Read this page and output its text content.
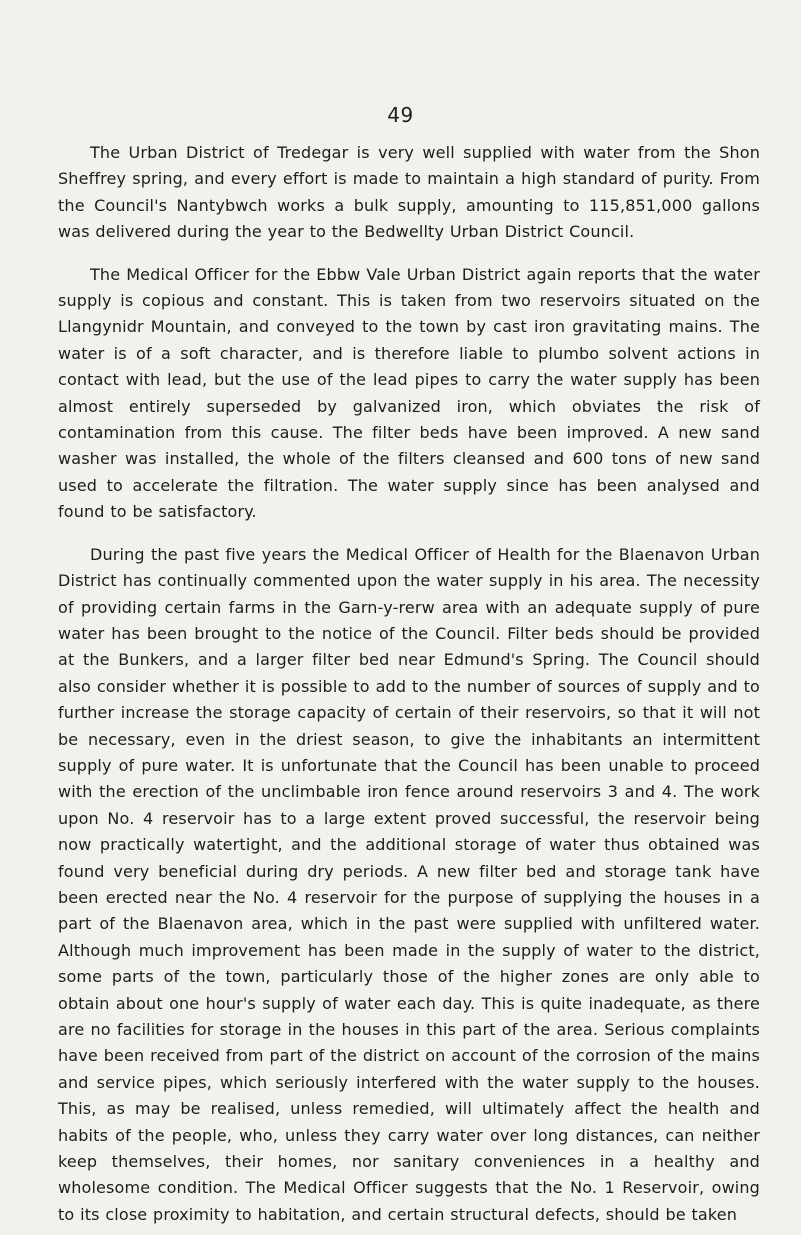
49

The Urban District of Tredegar is very well supplied with water from the Shon Sheffrey spring, and every effort is made to maintain a high standard of purity. From the Council's Nantybwch works a bulk supply, amounting to 115,851,000 gallons was delivered during the year to the Bedwellty Urban District Council.

The Medical Officer for the Ebbw Vale Urban District again reports that the water supply is copious and constant. This is taken from two reservoirs situated on the Llangynidr Mountain, and conveyed to the town by cast iron gravitating mains. The water is of a soft character, and is therefore liable to plumbo solvent actions in contact with lead, but the use of the lead pipes to carry the water supply has been almost entirely superseded by galvanized iron, which obviates the risk of contamination from this cause. The filter beds have been improved. A new sand washer was installed, the whole of the filters cleansed and 600 tons of new sand used to accelerate the filtration. The water supply since has been analysed and found to be satisfactory.

During the past five years the Medical Officer of Health for the Blaenavon Urban District has continually commented upon the water supply in his area. The necessity of providing certain farms in the Garn-y-rerw area with an adequate supply of pure water has been brought to the notice of the Council. Filter beds should be provided at the Bunkers, and a larger filter bed near Edmund's Spring. The Council should also consider whether it is possible to add to the number of sources of supply and to further increase the storage capacity of certain of their reservoirs, so that it will not be necessary, even in the driest season, to give the inhabitants an intermittent supply of pure water. It is unfortunate that the Council has been unable to proceed with the erection of the unclimbable iron fence around reservoirs 3 and 4. The work upon No. 4 reservoir has to a large extent proved successful, the reservoir being now practically watertight, and the additional storage of water thus obtained was found very beneficial during dry periods. A new filter bed and storage tank have been erected near the No. 4 reservoir for the purpose of supplying the houses in a part of the Blaenavon area, which in the past were supplied with unfiltered water. Although much improvement has been made in the supply of water to the district, some parts of the town, particularly those of the higher zones are only able to obtain about one hour's supply of water each day. This is quite inadequate, as there are no facilities for storage in the houses in this part of the area. Serious complaints have been received from part of the district on account of the corrosion of the mains and service pipes, which seriously interfered with the water supply to the houses. This, as may be realised, unless remedied, will ultimately affect the health and habits of the people, who, unless they carry water over long distances, can neither keep themselves, their homes, nor sanitary conveniences in a healthy and wholesome condition. The Medical Officer suggests that the No. 1 Reservoir, owing to its close proximity to habitation, and certain structural defects, should be taken
